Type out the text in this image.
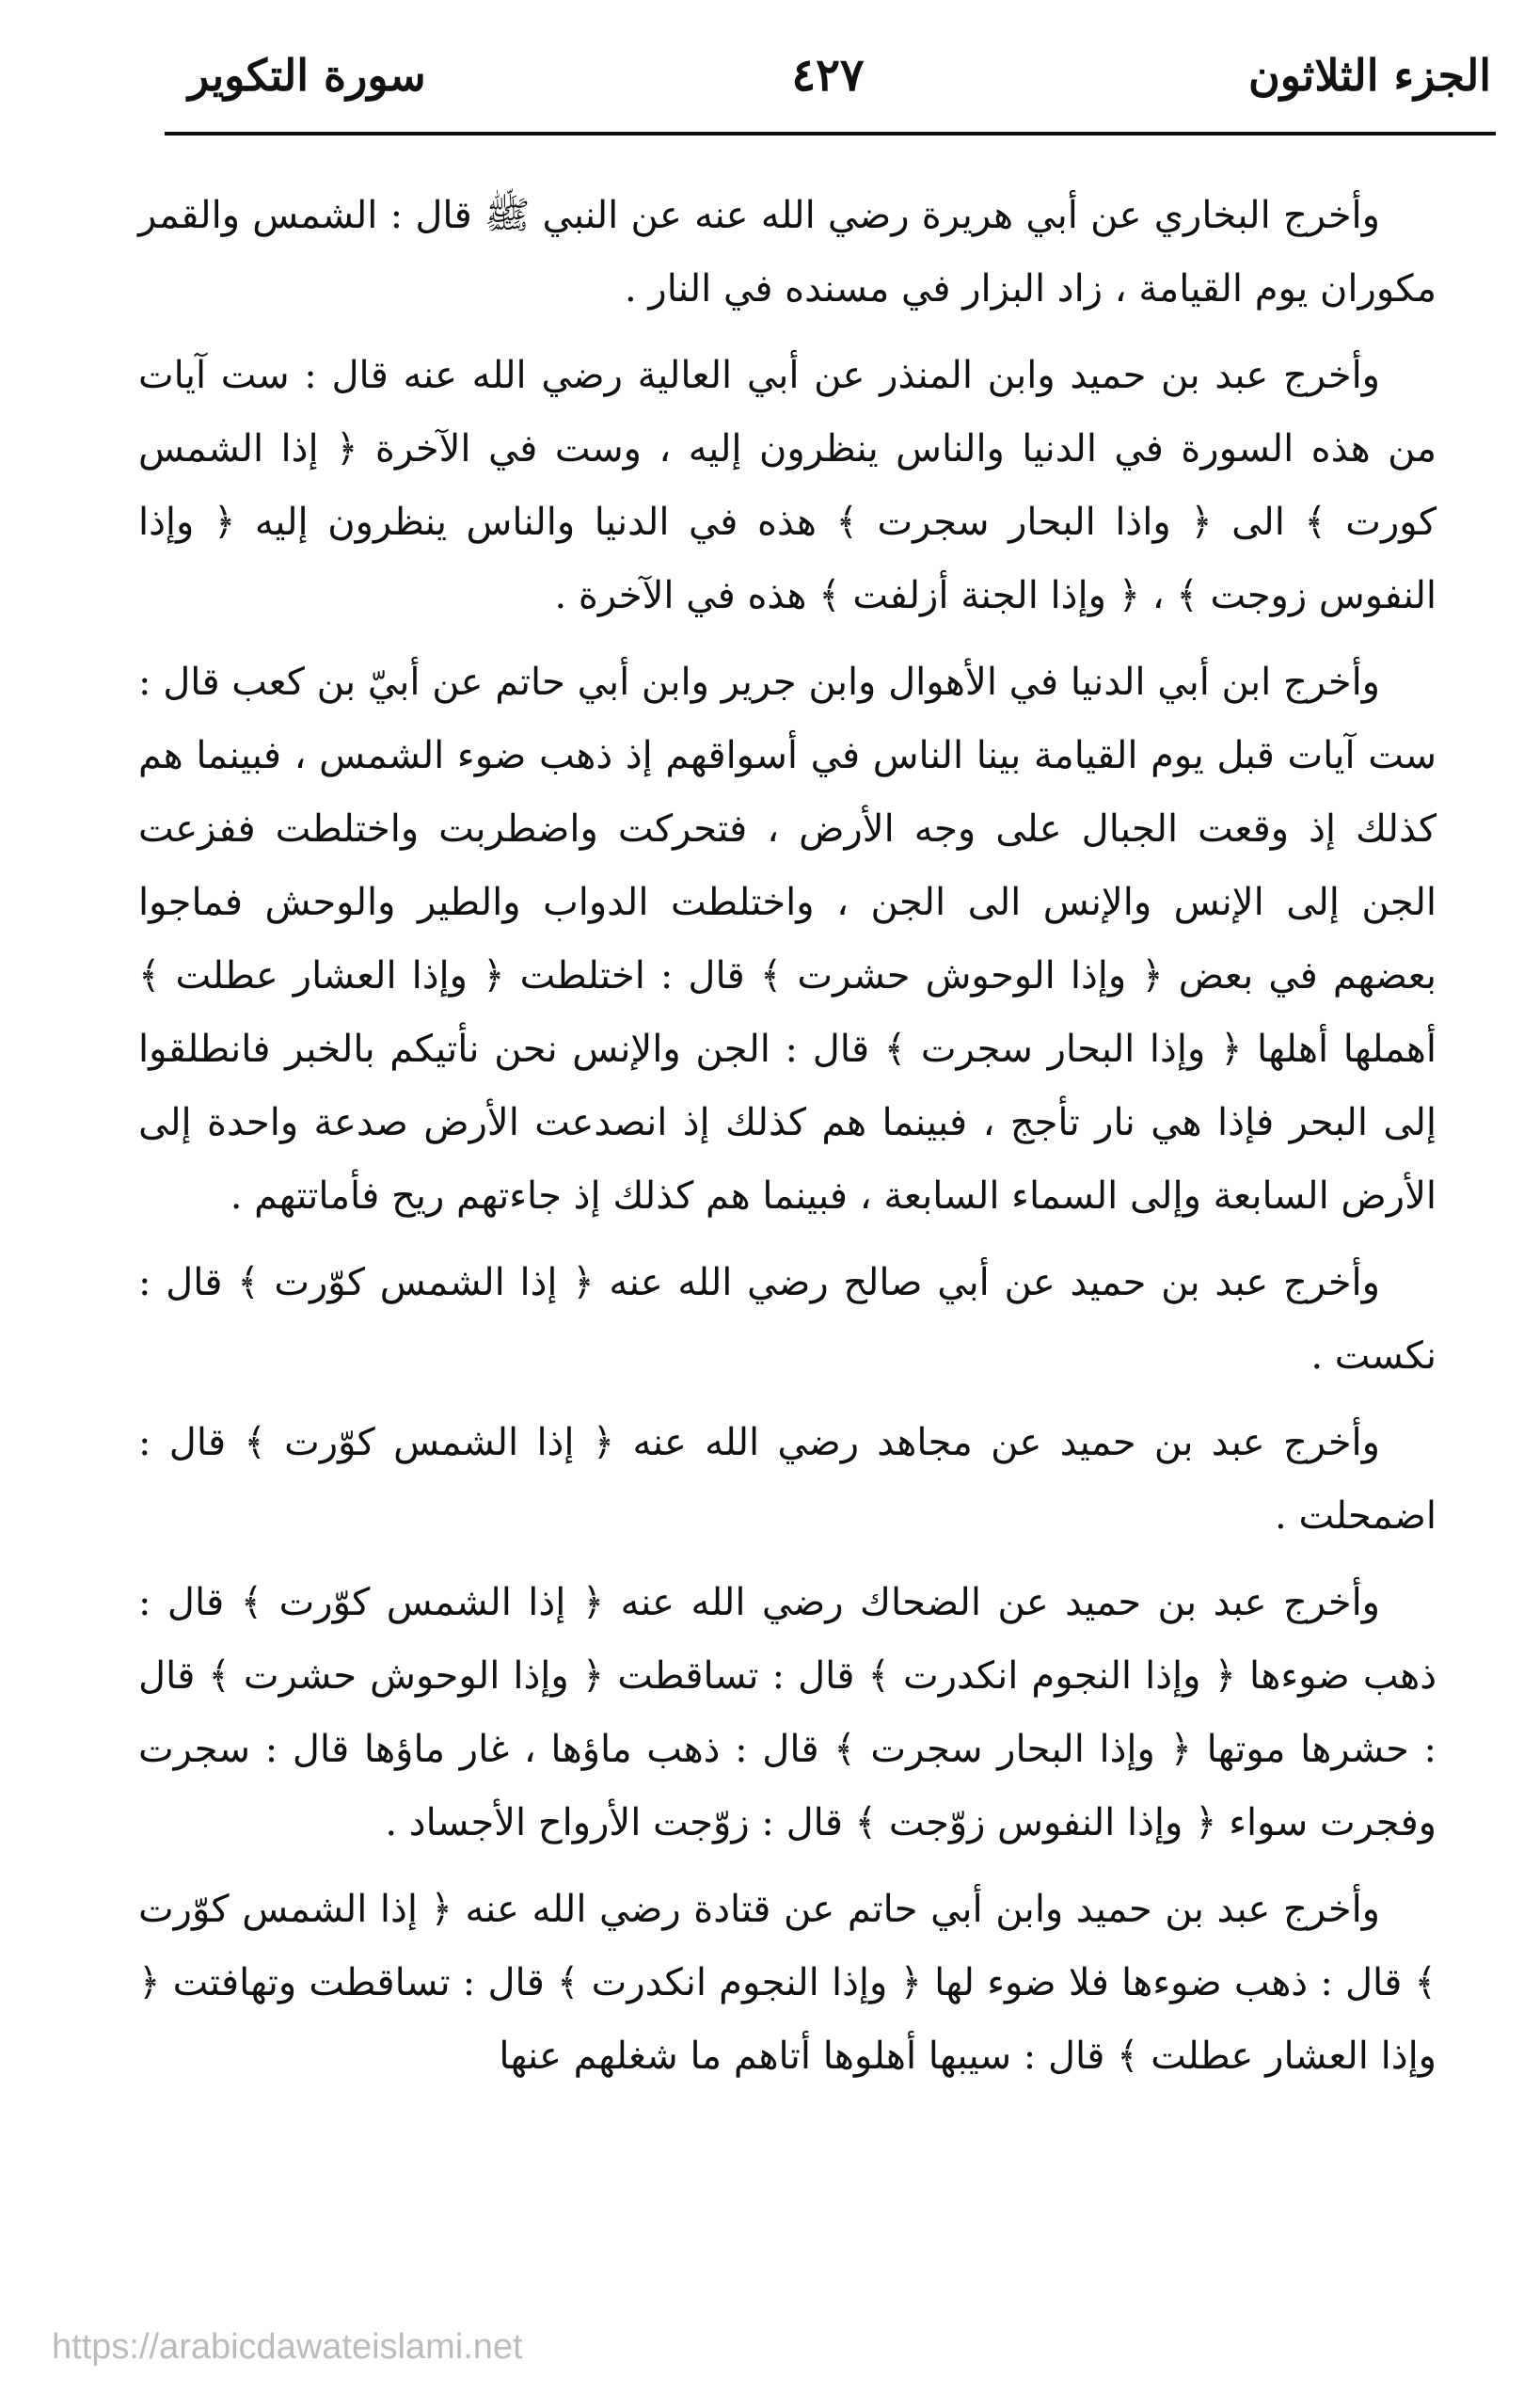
الجزء الثلاثون
٤٢٧
سورة التكوير

وأخرج البخاري عن أبي هريرة رضي الله عنه عن النبي ﷺ قال : الشمس والقمر مكوران يوم القيامة ، زاد البزار في مسنده في النار .

وأخرج عبد بن حميد وابن المنذر عن أبي العالية رضي الله عنه قال : ست آيات من هذه السورة في الدنيا والناس ينظرون إليه ، وست في الآخرة ﴿ إذا الشمس كورت ﴾ الى ﴿ واذا البحار سجرت ﴾ هذه في الدنيا والناس ينظرون إليه ﴿ وإذا النفوس زوجت ﴾ ، ﴿ وإذا الجنة أزلفت ﴾ هذه في الآخرة .

وأخرج ابن أبي الدنيا في الأهوال وابن جرير وابن أبي حاتم عن أبيّ بن كعب قال : ست آيات قبل يوم القيامة بينا الناس في أسواقهم إذ ذهب ضوء الشمس ، فبينما هم كذلك إذ وقعت الجبال على وجه الأرض ، فتحركت واضطربت واختلطت ففزعت الجن إلى الإنس والإنس الى الجن ، واختلطت الدواب والطير والوحش فماجوا بعضهم في بعض ﴿ وإذا الوحوش حشرت ﴾ قال : اختلطت ﴿ وإذا العشار عطلت ﴾ أهملها أهلها ﴿ وإذا البحار سجرت ﴾ قال : الجن والإنس نحن نأتيكم بالخبر فانطلقوا إلى البحر فإذا هي نار تأجج ، فبينما هم كذلك إذ انصدعت الأرض صدعة واحدة إلى الأرض السابعة وإلى السماء السابعة ، فبينما هم كذلك إذ جاءتهم ريح فأماتتهم .

وأخرج عبد بن حميد عن أبي صالح رضي الله عنه ﴿ إذا الشمس كوّرت ﴾ قال : نكست .

وأخرج عبد بن حميد عن مجاهد رضي الله عنه ﴿ إذا الشمس كوّرت ﴾ قال : اضمحلت .

وأخرج عبد بن حميد عن الضحاك رضي الله عنه ﴿ إذا الشمس كوّرت ﴾ قال : ذهب ضوءها ﴿ وإذا النجوم انكدرت ﴾ قال : تساقطت ﴿ وإذا الوحوش حشرت ﴾ قال : حشرها موتها ﴿ وإذا البحار سجرت ﴾ قال : ذهب ماؤها ، غار ماؤها قال : سجرت وفجرت سواء ﴿ وإذا النفوس زوّجت ﴾ قال : زوّجت الأرواح الأجساد .

وأخرج عبد بن حميد وابن أبي حاتم عن قتادة رضي الله عنه ﴿ إذا الشمس كوّرت ﴾ قال : ذهب ضوءها فلا ضوء لها ﴿ وإذا النجوم انكدرت ﴾ قال : تساقطت وتهافتت ﴿ وإذا العشار عطلت ﴾ قال : سيبها أهلوها أتاهم ما شغلهم عنها

https://arabicdawateislami.net
